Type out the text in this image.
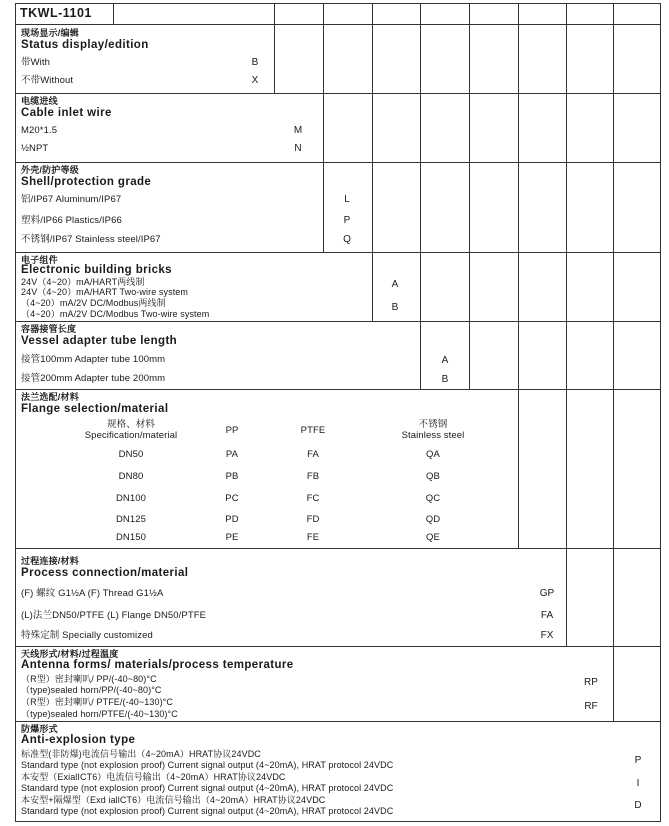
TKWL-1101
现场显示/编辑
Status display/edition
带With	B
不带Without	X
电缆进线
Cable inlet wire
M20*1.5	M
½NPT	N
外壳/防护等级
Shell/protection grade
铝/IP67 Aluminum/IP67	L
塑料/IP66 Plastics/IP66	P
不锈钢/IP67 Stainless steel/IP67	Q
电子组件
Electronic building bricks
24V（4~20）mA/HART两线制
24V（4~20）mA/HART Two-wire system
A
（4~20）mA/2V DC/Modbus两线制
（4~20）mA/2V DC/Modbus Two-wire system
B
容器接管长度
Vessel adapter tube length
接管100mm Adapter tube 100mm	A
接管200mm Adapter tube 200mm	B
法兰选配/材料
Flange selection/material
规格、材料
Specification/material	PP	PTFE
不锈钢
Stainless steel
DN50	PA	FA	QA
DN80	PB	FB	QB
DN100	PC	FC	QC
DN125	PD	FD	QD
DN150	PE	FE	QE
过程连接/材料
Process connection/material
(F) 螺纹 G1½A (F) Thread G1½A	GP
(L)法兰DN50/PTFE (L) Flange DN50/PTFE	FA
特殊定制 Specially customized	FX
天线形式/材料/过程温度
Antenna forms/ materials/process temperature
（R型）密封喇叭/ PP/(-40~80)°C
（type)sealed horn/PP/(-40~80)°C
RP
（R型）密封喇叭/ PTFE/(-40~130)°C
（type)sealed horn/PTFE/(-40~130)°C
RF
防爆形式
Anti-explosion type
标准型(非防爆)电流信号输出（4~20mA）HRAT协议24VDC
Standard type (not explosion proof) Current signal output (4~20mA), HRAT protocol 24VDC	P
本安型（ExialICT6）电流信号输出（4~20mA）HRAT协议24VDC
Standard type (not explosion proof) Current signal output (4~20mA), HRAT protocol 24VDC	I
本安型+隔爆型（Exd iallCT6）电流信号输出（4~20mA）HRAT协议24VDC
Standard type (not explosion proof) Current signal output (4~20mA), HRAT protocol 24VDC	D
